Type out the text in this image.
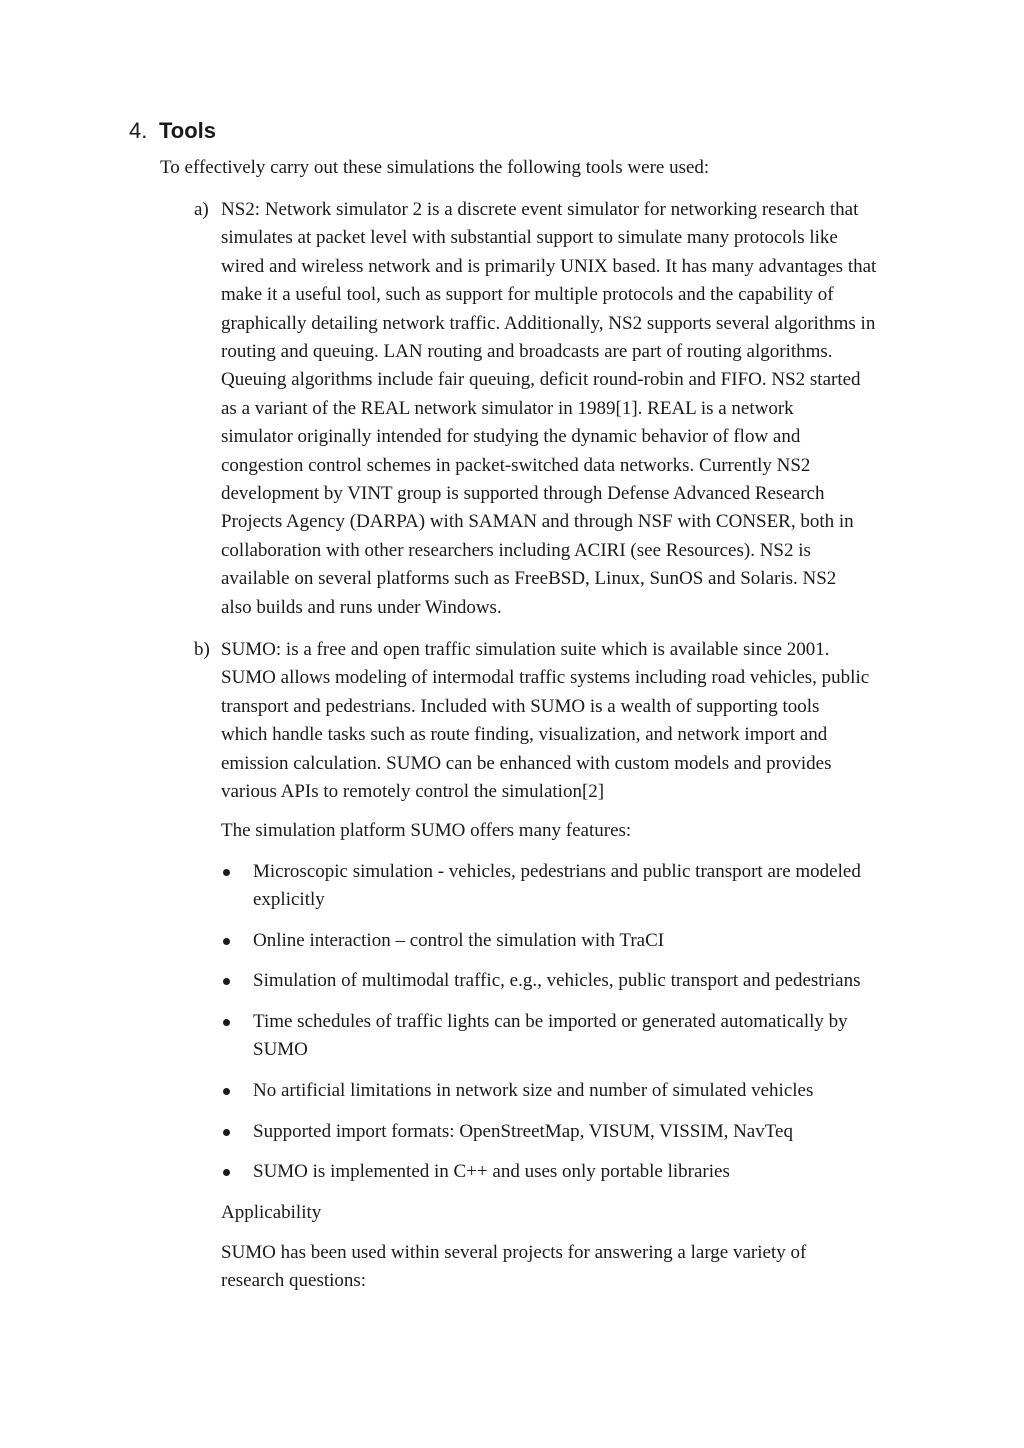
4. Tools
To effectively carry out these simulations the following tools were used:
a) NS2: Network simulator 2 is a discrete event simulator for networking research that
simulates at packet level with substantial support to simulate many protocols like
wired and wireless network and is primarily UNIX based. It has many advantages that
make it a useful tool, such as support for multiple protocols and the capability of
graphically detailing network traffic. Additionally, NS2 supports several algorithms in
routing and queuing. LAN routing and broadcasts are part of routing algorithms.
Queuing algorithms include fair queuing, deficit round-robin and FIFO. NS2 started
as a variant of the REAL network simulator in 1989[1]. REAL is a network
simulator originally intended for studying the dynamic behavior of flow and
congestion control schemes in packet-switched data networks. Currently NS2
development by VINT group is supported through Defense Advanced Research
Projects Agency (DARPA) with SAMAN and through NSF with CONSER, both in
collaboration with other researchers including ACIRI (see Resources). NS2 is
available on several platforms such as FreeBSD, Linux, SunOS and Solaris. NS2
also builds and runs under Windows.
b) SUMO: is a free and open traffic simulation suite which is available since 2001.
SUMO allows modeling of intermodal traffic systems including road vehicles, public
transport and pedestrians. Included with SUMO is a wealth of supporting tools
which handle tasks such as route finding, visualization, and network import and
emission calculation. SUMO can be enhanced with custom models and provides
various APIs to remotely control the simulation[2]
The simulation platform SUMO offers many features:
Microscopic simulation - vehicles, pedestrians and public transport are modeled
explicitly
Online interaction – control the simulation with TraCI
Simulation of multimodal traffic, e.g., vehicles, public transport and pedestrians
Time schedules of traffic lights can be imported or generated automatically by
SUMO
No artificial limitations in network size and number of simulated vehicles
Supported import formats: OpenStreetMap, VISUM, VISSIM, NavTeq
SUMO is implemented in C++ and uses only portable libraries
Applicability
SUMO has been used within several projects for answering a large variety of
research questions:
